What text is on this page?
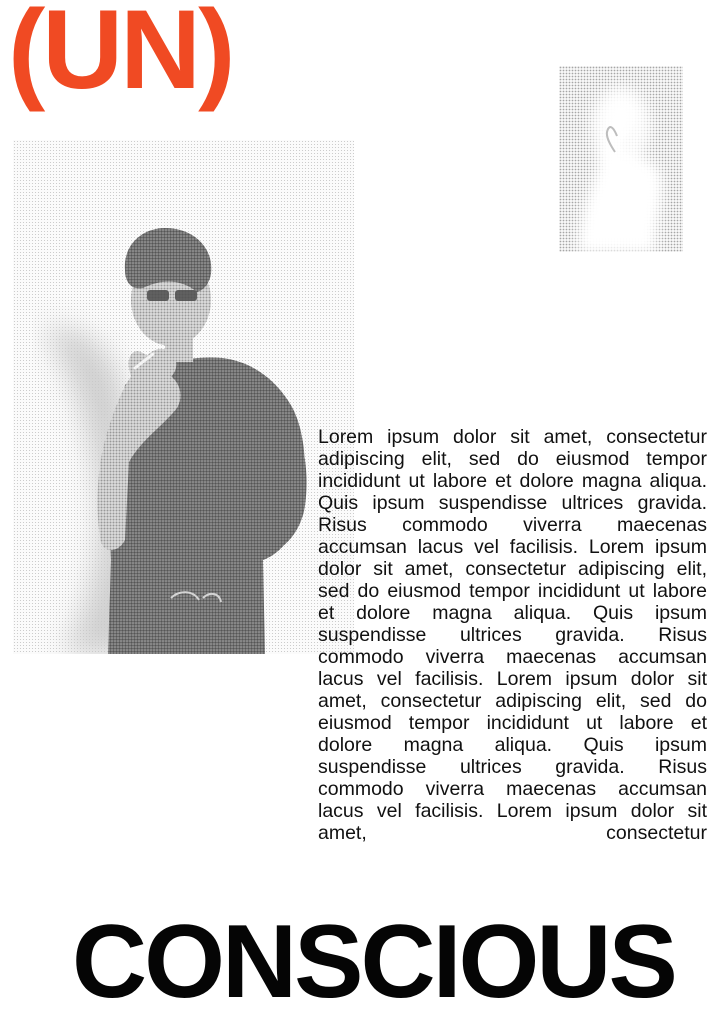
(UN)

Lorem ipsum dolor sit amet, consectetur adipiscing elit, sed do eiusmod tempor incididunt ut labore et dolore magna aliqua. Quis ipsum suspendisse ultrices gravida. Risus commodo viverra maecenas accumsan lacus vel facilisis. Lorem ipsum dolor sit amet, consectetur adipiscing elit, sed do eiusmod tempor incididunt ut labore et dolore magna aliqua. Quis ipsum suspendisse ultrices gravida. Risus commodo viverra maecenas accumsan lacus vel facilisis. Lorem ipsum dolor sit amet, consectetur adipiscing elit, sed do eiusmod tempor incididunt ut labore et dolore magna aliqua. Quis ipsum suspendisse ultrices gravida. Risus commodo viverra maecenas accumsan lacus vel facilisis. Lorem ipsum dolor sit amet, consectetur

CONSCIOUS
